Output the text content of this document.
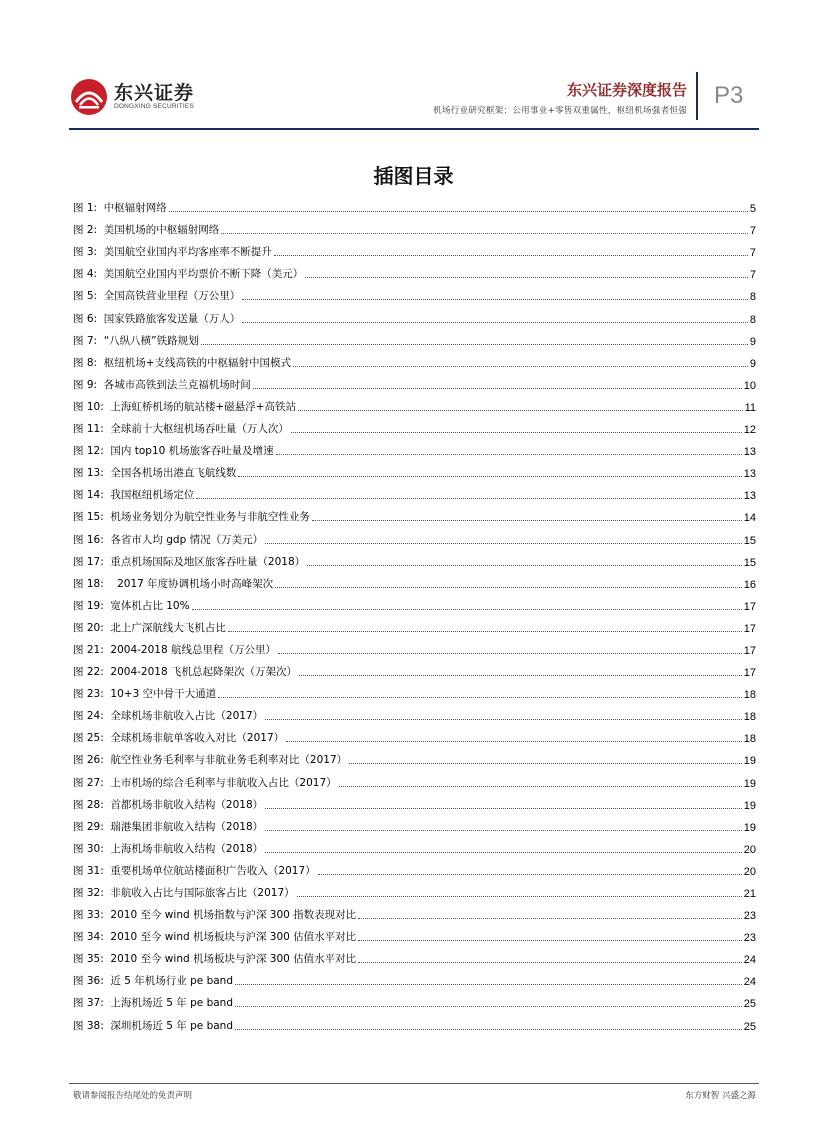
东兴证券
DONGXING SECURITIES
东兴证券深度报告
机场行业研究框架：公用事业+零售双重属性，枢纽机场强者恒强
P3
插图目录
图 1:  中枢辐射网络	5
图 2:  美国机场的中枢辐射网络	7
图 3:  美国航空业国内平均客座率不断提升	7
图 4:  美国航空业国内平均票价不断下降（美元）	7
图 5:  全国高铁营业里程（万公里）	8
图 6:  国家铁路旅客发送量（万人）	8
图 7:  “八纵八横”铁路规划	9
图 8:  枢纽机场+支线高铁的中枢辐射中国模式	9
图 9:  各城市高铁到法兰克福机场时间	10
图 10:  上海虹桥机场的航站楼+磁悬浮+高铁站	11
图 11:  全球前十大枢纽机场吞吐量（万人次）	12
图 12:  国内 top10 机场旅客吞吐量及增速	13
图 13:  全国各机场出港直飞航线数	13
图 14:  我国枢纽机场定位	13
图 15:  机场业务划分为航空性业务与非航空性业务	14
图 16:  各省市人均 gdp 情况（万美元）	15
图 17:  重点机场国际及地区旅客吞吐量（2018）	15
图 18:    2017 年度协调机场小时高峰架次	16
图 19:  宽体机占比 10%	17
图 20:  北上广深航线大飞机占比	17
图 21:  2004-2018 航线总里程（万公里）	17
图 22:  2004-2018 飞机总起降架次（万架次）	17
图 23:  10+3 空中骨干大通道	18
图 24:  全球机场非航收入占比（2017）	18
图 25:  全球机场非航单客收入对比（2017）	18
图 26:  航空性业务毛利率与非航业务毛利率对比（2017）	19
图 27:  上市机场的综合毛利率与非航收入占比（2017）	19
图 28:  首都机场非航收入结构（2018）	19
图 29:  瑞港集团非航收入结构（2018）	19
图 30:  上海机场非航收入结构（2018）	20
图 31:  重要机场单位航站楼面积广告收入（2017）	20
图 32:  非航收入占比与国际旅客占比（2017）	21
图 33:  2010 至今 wind 机场指数与沪深 300 指数表现对比	23
图 34:  2010 至今 wind 机场板块与沪深 300 估值水平对比	23
图 35:  2010 至今 wind 机场板块与沪深 300 估值水平对比	24
图 36:  近 5 年机场行业 pe band	24
图 37:  上海机场近 5 年 pe band	25
图 38:  深圳机场近 5 年 pe band	25
敬请参阅报告结尾处的免责声明	东方财智 兴盛之源
